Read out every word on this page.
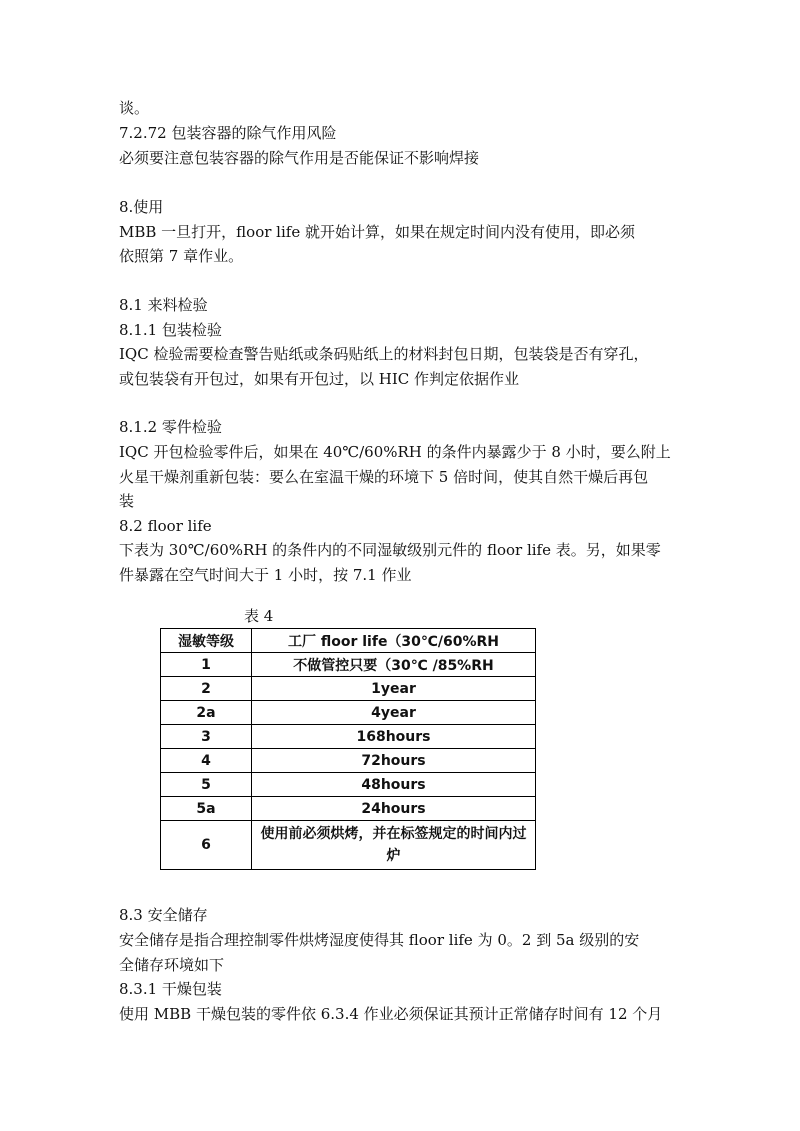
谈。
7.2.72 包装容器的除气作用风险
必须要注意包装容器的除气作用是否能保证不影响焊接
8.使用
MBB 一旦打开，floor life 就开始计算，如果在规定时间内没有使用，即必须
依照第 7 章作业。
8.1 来料检验
8.1.1 包装检验
IQC 检验需要检查警告贴纸或条码贴纸上的材料封包日期，包装袋是否有穿孔，
或包装袋有开包过，如果有开包过，以 HIC 作判定依据作业
8.1.2 零件检验
IQC 开包检验零件后，如果在 40℃/60%RH 的条件内暴露少于 8 小时，要么附上
火星干燥剂重新包装：要么在室温干燥的环境下 5 倍时间，使其自然干燥后再包
装
8.2 floor life
下表为 30℃/60%RH 的条件内的不同湿敏级别元件的 floor life 表。另，如果零
件暴露在空气时间大于 1 小时，按 7.1 作业
表 4
湿敏等级	工厂 floor life（30℃/60%RH
1	不做管控只要（30℃ /85%RH
2	1year
2a	4year
3	168hours
4	72hours
5	48hours
5a	24hours
6	使用前必须烘烤，并在标签规定的时间内过炉
8.3 安全储存
安全储存是指合理控制零件烘烤湿度使得其 floor life 为 0。2 到 5a 级别的安
全储存环境如下
8.3.1 干燥包装
使用 MBB 干燥包装的零件依 6.3.4 作业必须保证其预计正常储存时间有 12 个月
